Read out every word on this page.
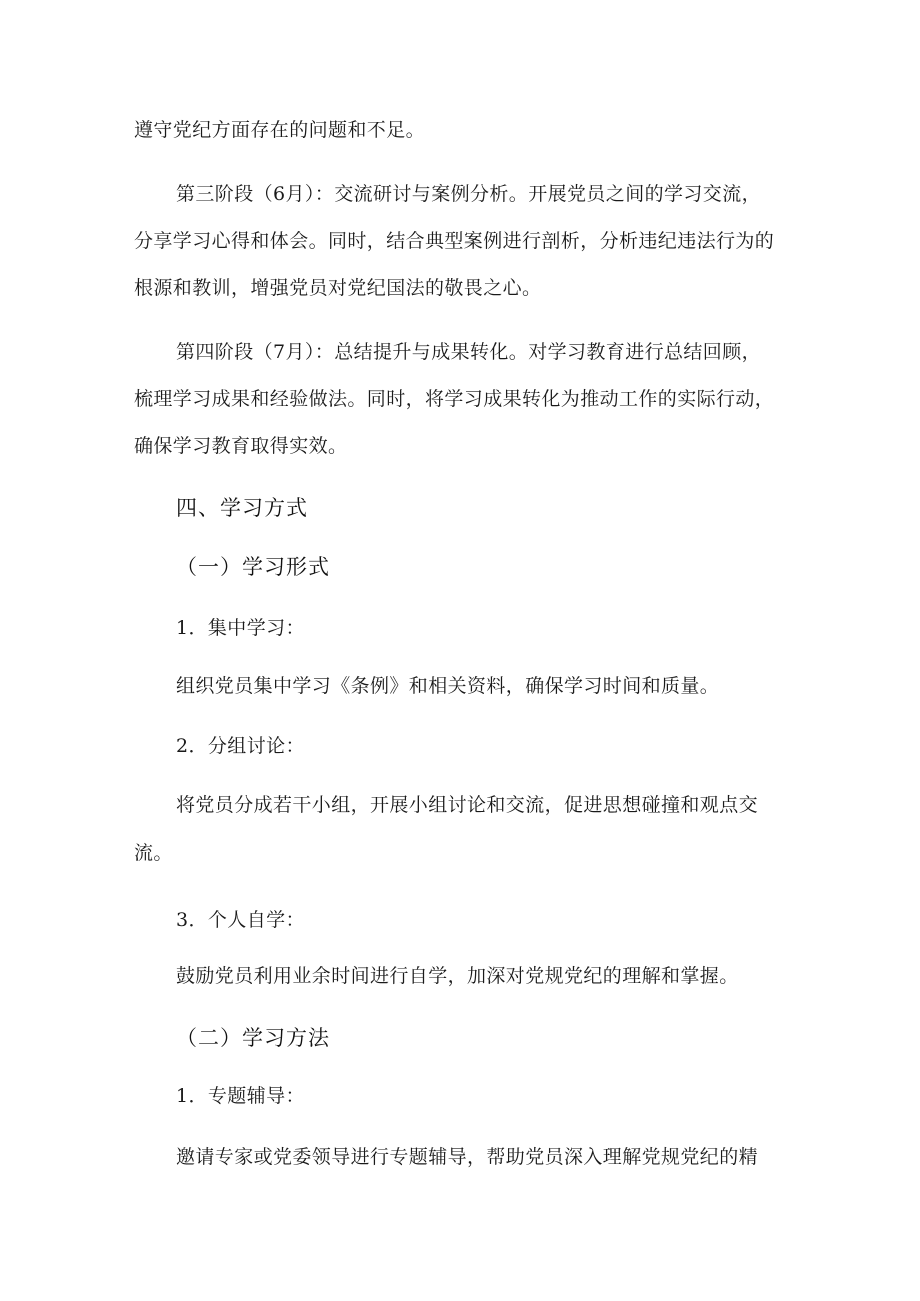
遵守党纪方面存在的问题和不足。
第三阶段（6月）：交流研讨与案例分析。开展党员之间的学习交流，
分享学习心得和体会。同时，结合典型案例进行剖析，分析违纪违法行为的
根源和教训，增强党员对党纪国法的敬畏之心。
第四阶段（7月）：总结提升与成果转化。对学习教育进行总结回顾，
梳理学习成果和经验做法。同时，将学习成果转化为推动工作的实际行动，
确保学习教育取得实效。
四、学习方式
（一）学习形式
1．集中学习：
组织党员集中学习《条例》和相关资料，确保学习时间和质量。
2．分组讨论：
将党员分成若干小组，开展小组讨论和交流，促进思想碰撞和观点交
流。
3．个人自学：
鼓励党员利用业余时间进行自学，加深对党规党纪的理解和掌握。
（二）学习方法
1．专题辅导：
邀请专家或党委领导进行专题辅导，帮助党员深入理解党规党纪的精
